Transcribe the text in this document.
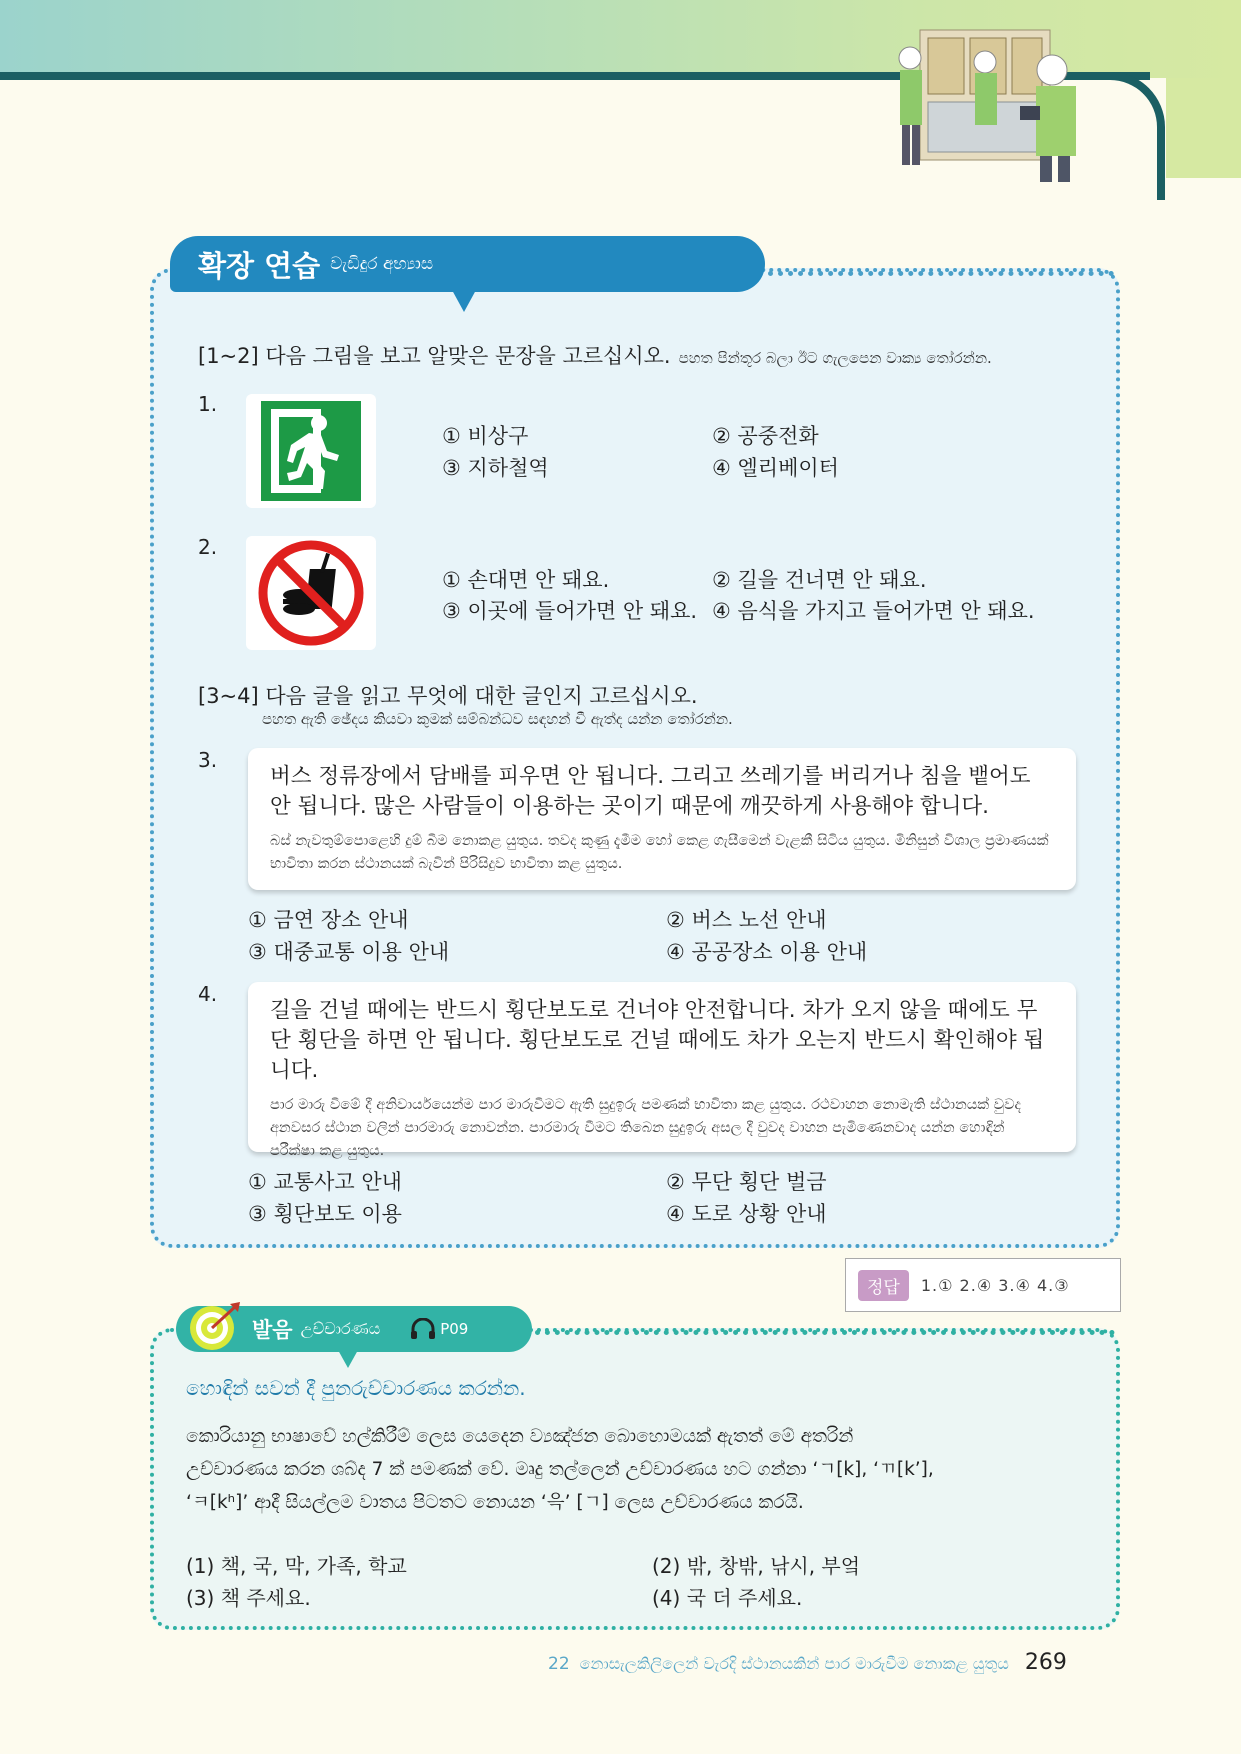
확장 연습 වැඩිදුර අභ්‍යාස
[1~2] 다음 그림을 보고 알맞은 문장을 고르십시오. පහත පින්තූර බලා ඊට ගැලපෙන වාක්‍ය තෝරන්න.
1.
① 비상구	② 공중전화
③ 지하철역	④ 엘리베이터
2.
① 손대면 안 돼요.	② 길을 건너면 안 돼요.
③ 이곳에 들어가면 안 돼요. ④ 음식을 가지고 들어가면 안 돼요.
[3~4] 다음 글을 읽고 무엇에 대한 글인지 고르십시오.
පහත ඇති ඡේදය කියවා කුමක් සම්බන්ධව සඳහන් වී ඇත්ද යන්න තෝරන්න.
3.
버스 정류장에서 담배를 피우면 안 됩니다. 그리고 쓰레기를 버리거나 침을 뱉어도 안 됩니다. 많은 사람들이 이용하는 곳이기 때문에 깨끗하게 사용해야 합니다.
බස් නැවතුම්පොළෙහි දුම් බීම නොකළ යුතුය. තවද කුණු දැමීම හෝ කෙළ ගැසීමෙන් වැළකී සිටිය යුතුය. මිනිසුන් විශාල ප්‍රමාණයක් භාවිතා කරන ස්ථානයක් බැවින් පිරිසිදුව භාවිතා කළ යුතුය.
① 금연 장소 안내	② 버스 노선 안내
③ 대중교통 이용 안내	④ 공공장소 이용 안내
4.
길을 건널 때에는 반드시 횡단보도로 건너야 안전합니다. 차가 오지 않을 때에도 무단 횡단을 하면 안 됩니다. 횡단보도로 건널 때에도 차가 오는지 반드시 확인해야 됩니다.
පාර මාරු වීමේ දී අනිවාර්යයෙන්ම පාර මාරුවීමට ඇති සුදුඉරු පමණක් භාවිතා කළ යුතුය. රථවාහන නොමැති ස්ථානයක් වුවද අනවසර ස්ථාන වලින් පාරමාරු නොවන්න. පාරමාරු වීමට තිබෙන සුදුඉරු අසල දී වුවද වාහන පැමිණෙනවාද යන්න හොඳින් පරීක්ෂා කළ යුතුය.
① 교통사고 안내	② 무단 횡단 벌금
③ 횡단보도 이용	④ 도로 상황 안내
정답	1.① 2.④ 3.④ 4.③
발음 උච්චාරණය	P09
හොඳින් සවන් දී පුනරුච්චාරණය කරන්න.
කොරියානු භාෂාවේ හල්කිරීම් ලෙස යෙදෙන ව්‍යඤ්ජන බොහොමයක් ඇතත් මේ අතරින්
උච්චාරණය කරන ශබ්ද 7 ක් පමණක් වේ. මෘදු තල්ලෙන් උච්චාරණය හට ගන්නා ‘ㄱ[k], ‘ㄲ[k’],
‘ㅋ[kʰ]’ ආදී සියල්ලම වාතය පිටතට නොයන ‘윽’ [ㄱ] ලෙස උච්චාරණය කරයි.
(1) 책, 국, 막, 가족, 학교	(2) 밖, 창밖, 낚시, 부엌
(3) 책 주세요.	(4) 국 더 주세요.
22 නොසැලකිලිලෙන් වැරදි ස්ථානයකින් පාර මාරුවීම නොකළ යුතුය 269
